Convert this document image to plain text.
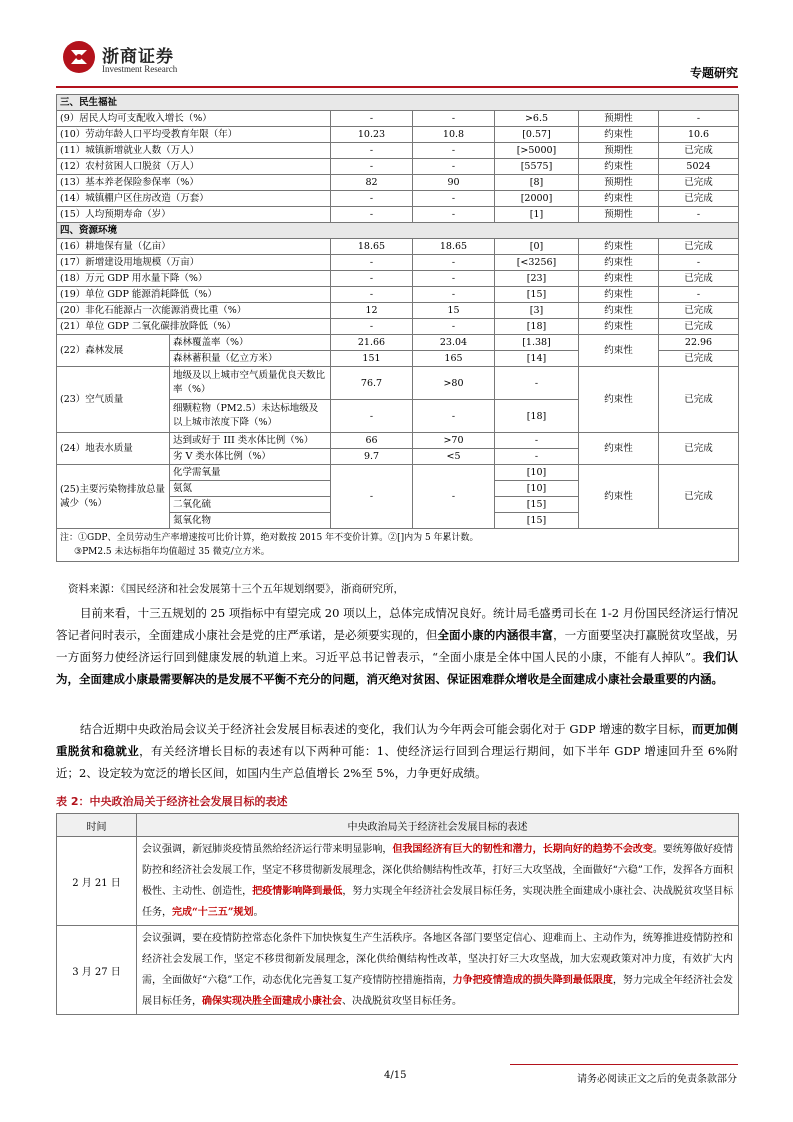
浙商证券
Investment Research	专题研究
三、民生福祉						
(9）居民人均可支配收入增长（%）		-	-	>6.5	预期性	-
(10）劳动年龄人口平均受教育年限（年）		10.23	10.8	[0.57]	约束性	10.6
(11）城镇新增就业人数（万人）		-	-	[>5000]	预期性	已完成
(12）农村贫困人口脱贫（万人）		-	-	[5575]	约束性	5024
(13）基本养老保险参保率（%）		82	90	[8]	预期性	已完成
(14）城镇棚户区住房改造（万套）		-	-	[2000]	约束性	已完成
(15）人均预期寿命（岁）		-	-	[1]	预期性	-
四、资源环境						
(16）耕地保有量（亿亩）		18.65	18.65	[0]	约束性	已完成
(17）新增建设用地规模（万亩）		-	-	[<3256]	约束性	-
(18）万元 GDP 用水量下降（%）		-	-	[23]	约束性	已完成
(19）单位 GDP 能源消耗降低（%）		-	-	[15]	约束性	-
(20）非化石能源占一次能源消费比重（%）		12	15	[3]	约束性	已完成
(21）单位 GDP 二氧化碳排放降低（%）		-	-	[18]	约束性	已完成
(22）森林发展	森林覆盖率（%）	21.66	23.04	[1.38]	约束性	22.96
	森林蓄积量（亿立方米）	151	165	[14]		已完成
(23）空气质量	地级及以上城市空气质量优良天数比率（%）	76.7	>80	-	约束性	已完成
	细颗粒物（PM2.5）未达标地级及以上城市浓度下降（%）	-	-	[18]		
(24）地表水质量	达到或好于 III 类水体比例（%）	66	>70	-	约束性	已完成
	劣 V 类水体比例（%）	9.7	<5	-		
(25)主要污染物排放总量减少（%）	化学需氧量	-	-	[10]	约束性	已完成
	氨氮			[10]		
	二氧化硫			[15]		
	氮氧化物			[15]		

注：①GDP、全员劳动生产率增速按可比价计算，绝对数按 2015 年不变价计算。②[]内为 5 年累计数。
③PM2.5 未达标指年均值超过 35 微克/立方米。						
资料来源：《国民经济和社会发展第十三个五年规划纲要》，浙商研究所，

目前来看，十三五规划的 25 项指标中有望完成 20 项以上，总体完成情况良好。统计局毛盛勇司长在 1-2 月份国民经济运行情况答记者问时表示，全面建成小康社会是党的庄严承诺，是必须要实现的，但全面小康的内涵很丰富，一方面要坚决打赢脱贫攻坚战，另一方面努力使经济运行回到健康发展的轨道上来。习近平总书记曾表示，“全面小康是全体中国人民的小康，不能有人掉队”。我们认为，全面建成小康最需要解决的是发展不平衡不充分的问题，消灭绝对贫困、保证困难群众增收是全面建成小康社会最重要的内涵。

结合近期中央政治局会议关于经济社会发展目标表述的变化，我们认为今年两会可能会弱化对于 GDP 增速的数字目标，而更加侧重脱贫和稳就业，有关经济增长目标的表述有以下两种可能：1、使经济运行回到合理运行期间，如下半年 GDP 增速回升至 6%附近；2、设定较为宽泛的增长区间，如国内生产总值增长 2%至 5%，力争更好成绩。

表 2：中央政治局关于经济社会发展目标的表述
时间	中央政治局关于经济社会发展目标的表述
2 月 21 日	会议强调，新冠肺炎疫情虽然给经济运行带来明显影响，但我国经济有巨大的韧性和潜力，长期向好的趋势不会改变。要统筹做好疫情防控和经济社会发展工作，坚定不移贯彻新发展理念，深化供给侧结构性改革，打好三大攻坚战，全面做好“六稳”工作，发挥各方面积极性、主动性、创造性，把疫情影响降到最低，努力实现全年经济社会发展目标任务，实现决胜全面建成小康社会、决战脱贫攻坚目标任务，完成“十三五”规划。
3 月 27 日	会议强调，要在疫情防控常态化条件下加快恢复生产生活秩序。各地区各部门要坚定信心、迎难而上、主动作为，统筹推进疫情防控和经济社会发展工作，坚定不移贯彻新发展理念，深化供给侧结构性改革，坚决打好三大攻坚战，加大宏观政策对冲力度，有效扩大内需，全面做好“六稳”工作，动态优化完善复工复产疫情防控措施指南，力争把疫情造成的损失降到最低限度，努力完成全年经济社会发展目标任务，确保实现决胜全面建成小康社会、决战脱贫攻坚目标任务。
4/15	请务必阅读正文之后的免责条款部分
